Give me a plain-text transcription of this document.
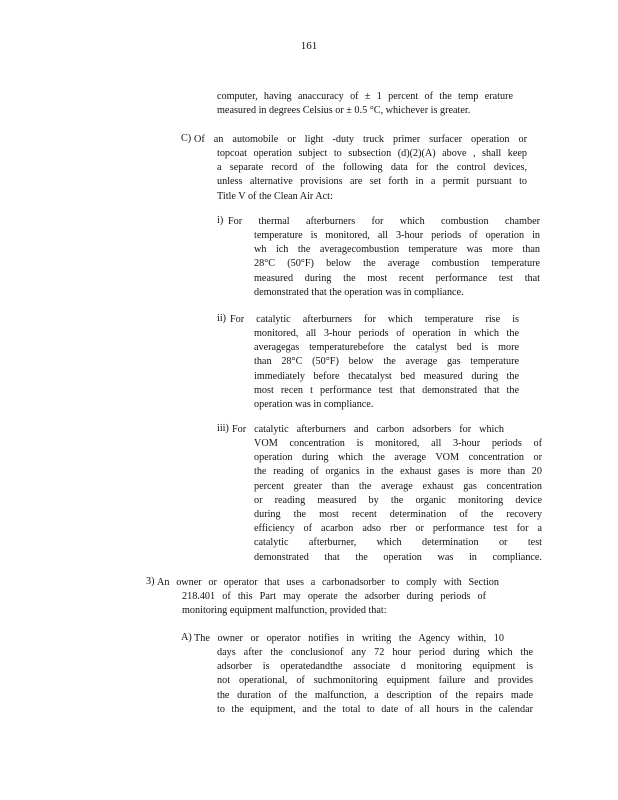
161
computer, having anaccuracy of ± 1 percent of the temp erature
measured in degrees Celsius or ± 0.5 °C, whichever is greater.
C) Of an automobile or light -duty truck primer surfacer operation or
topcoat operation subject to subsection (d)(2)(A) above , shall keep
a separate record of the following data for the control devices,
unless alternative provisions are set forth in a permit pursuant to
Title V of the Clean Air Act:
i) For thermal afterburners for which combustion chamber
temperature is monitored, all 3-hour periods of operation in
wh ich the averagecombustion temperature was more than
28°C (50°F) below the average combustion temperature
measured during the most recent performance test that
demonstrated that the operation was in compliance.
ii) For catalytic afterburners for which temperature rise is
monitored, all 3-hour periods of operation in which the
averagegas temperaturebefore the catalyst bed is more
than 28°C (50°F) below the average gas temperature
immediately before thecatalyst bed measured during the
most recen t performance test that demonstrated that the
operation was in compliance.
iii) For catalytic afterburners and carbon adsorbers for which
VOM concentration is monitored, all 3-hour periods of
operation during which the average VOM concentration or
the reading of organics in the exhaust gases is more than 20
percent greater than the average exhaust gas concentration
or reading measured by the organic monitoring device
during the most recent determination of the recovery
efficiency of acarbon adso rber or performance test for a
catalytic afterburner, which determination or test
demonstrated that the operation was in compliance.
3) An owner or operator that uses a carbonadsorber to comply with Section
218.401 of this Part may operate the adsorber during periods of
monitoring equipment malfunction, provided that:
A) The owner or operator notifies in writing the Agency within, 10
days after the conclusionof any 72 hour period during which the
adsorber is operatedandthe associate d monitoring equipment is
not operational, of suchmonitoring equipment failure and provides
the duration of the malfunction, a description of the repairs made
to the equipment, and the total to date of all hours in the calendar
